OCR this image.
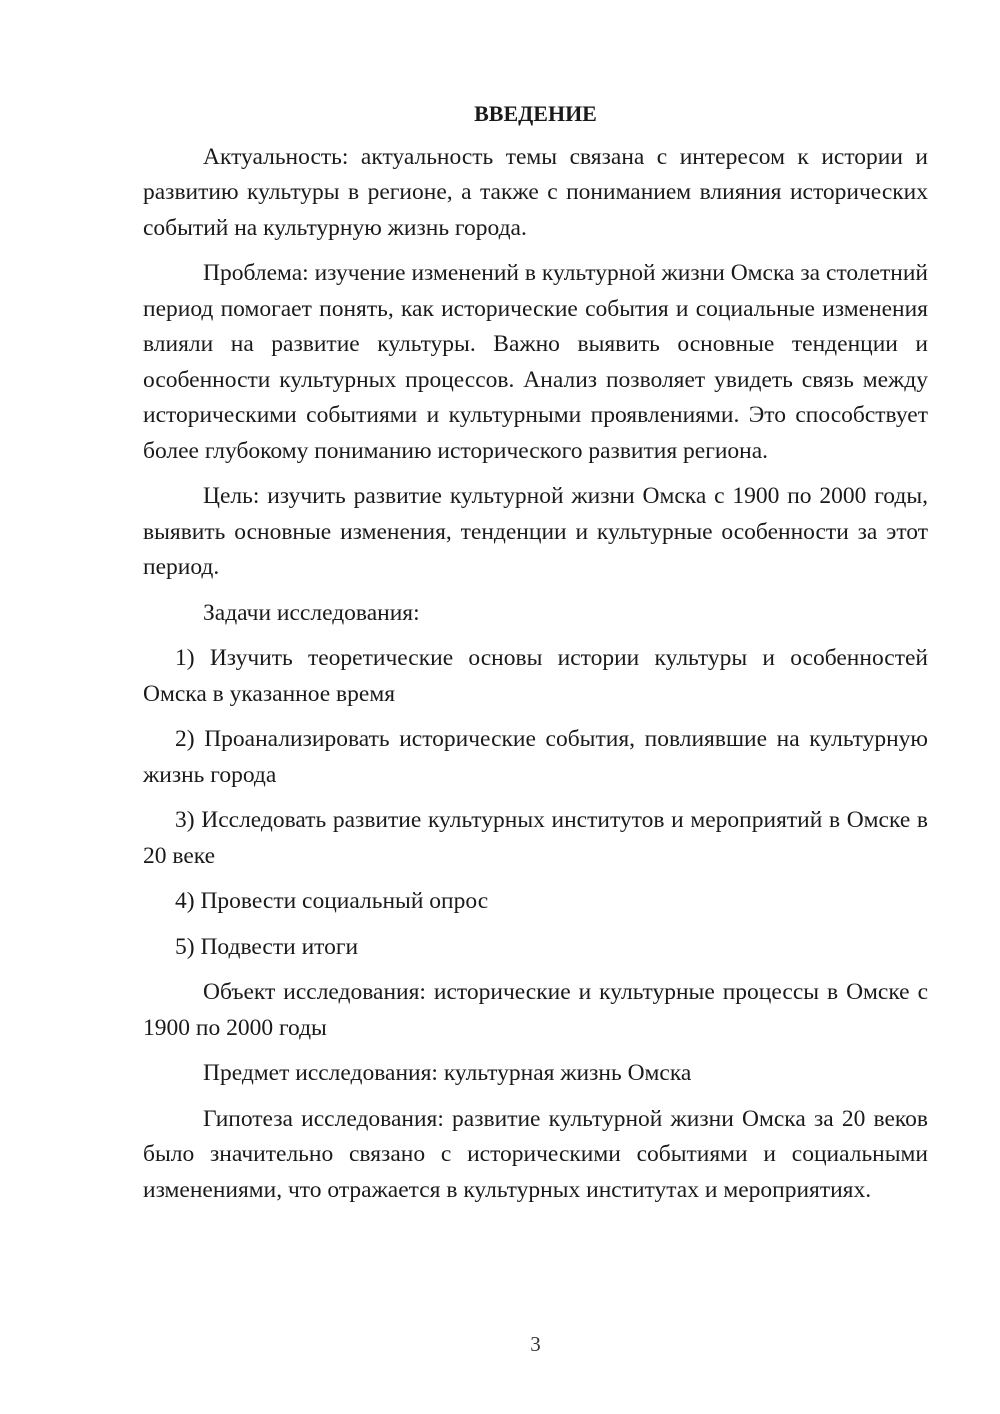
ВВЕДЕНИЕ

Актуальность: актуальность темы связана с интересом к истории и развитию культуры в регионе, а также с пониманием влияния исторических событий на культурную жизнь города.

Проблема: изучение изменений в культурной жизни Омска за столетний период помогает понять, как исторические события и социальные изменения влияли на развитие культуры. Важно выявить основные тенденции и особенности культурных процессов. Анализ позволяет увидеть связь между историческими событиями и культурными проявлениями. Это способствует более глубокому пониманию исторического развития региона.

Цель: изучить развитие культурной жизни Омска с 1900 по 2000 годы, выявить основные изменения, тенденции и культурные особенности за этот период.

Задачи исследования:

1) Изучить теоретические основы истории культуры и особенностей Омска в указанное время

2) Проанализировать исторические события, повлиявшие на культурную жизнь города

3) Исследовать развитие культурных институтов и мероприятий в Омске в 20 веке

4) Провести социальный опрос

5) Подвести итоги

Объект исследования: исторические и культурные процессы в Омске с 1900 по 2000 годы

Предмет исследования: культурная жизнь Омска

Гипотеза исследования: развитие культурной жизни Омска за 20 веков было значительно связано с историческими событиями и социальными изменениями, что отражается в культурных институтах и мероприятиях.

3
